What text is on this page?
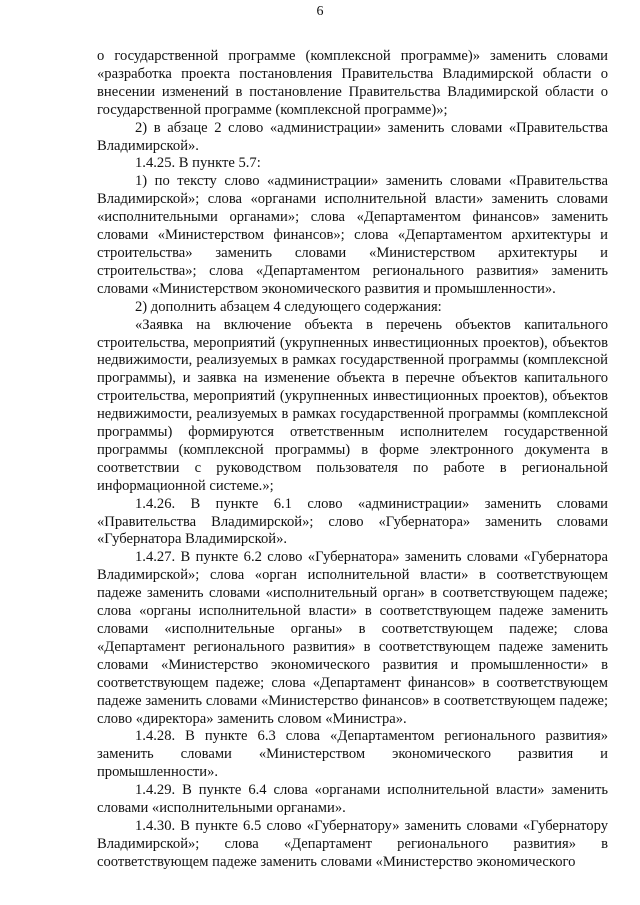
6

о государственной программе (комплексной программе)» заменить словами «разработка проекта постановления Правительства Владимирской области о внесении изменений в постановление Правительства Владимирской области о государственной программе (комплексной программе)»;

2) в абзаце 2 слово «администрации» заменить словами «Правительства Владимирской».

1.4.25. В пункте 5.7:

1) по тексту слово «администрации» заменить словами «Правительства Владимирской»; слова «органами исполнительной власти» заменить словами «исполнительными органами»; слова «Департаментом финансов» заменить словами «Министерством финансов»; слова «Департаментом архитектуры и строительства» заменить словами «Министерством архитектуры и строительства»; слова «Департаментом регионального развития» заменить словами «Министерством экономического развития и промышленности».

2) дополнить абзацем 4 следующего содержания:

«Заявка на включение объекта в перечень объектов капитального строительства, мероприятий (укрупненных инвестиционных проектов), объектов недвижимости, реализуемых в рамках государственной программы (комплексной программы), и заявка на изменение объекта в перечне объектов капитального строительства, мероприятий (укрупненных инвестиционных проектов), объектов недвижимости, реализуемых в рамках государственной программы (комплексной программы) формируются ответственным исполнителем государственной программы (комплексной программы) в форме электронного документа в соответствии с руководством пользователя по работе в региональной информационной системе.»;

1.4.26. В пункте 6.1 слово «администрации» заменить словами «Правительства Владимирской»; слово «Губернатора» заменить словами «Губернатора Владимирской».

1.4.27. В пункте 6.2 слово «Губернатора» заменить словами «Губернатора Владимирской»; слова «орган исполнительной власти» в соответствующем падеже заменить словами «исполнительный орган» в соответствующем падеже; слова «органы исполнительной власти» в соответствующем падеже заменить словами «исполнительные органы» в соответствующем падеже; слова «Департамент регионального развития» в соответствующем падеже заменить словами «Министерство экономического развития и промышленности» в соответствующем падеже; слова «Департамент финансов» в соответствующем падеже заменить словами «Министерство финансов» в соответствующем падеже; слово «директора» заменить словом «Министра».

1.4.28. В пункте 6.3 слова «Департаментом регионального развития» заменить словами «Министерством экономического развития и промышленности».

1.4.29. В пункте 6.4 слова «органами исполнительной власти» заменить словами «исполнительными органами».

1.4.30. В пункте 6.5 слово «Губернатору» заменить словами «Губернатору Владимирской»; слова «Департамент регионального развития» в соответствующем падеже заменить словами «Министерство экономического
